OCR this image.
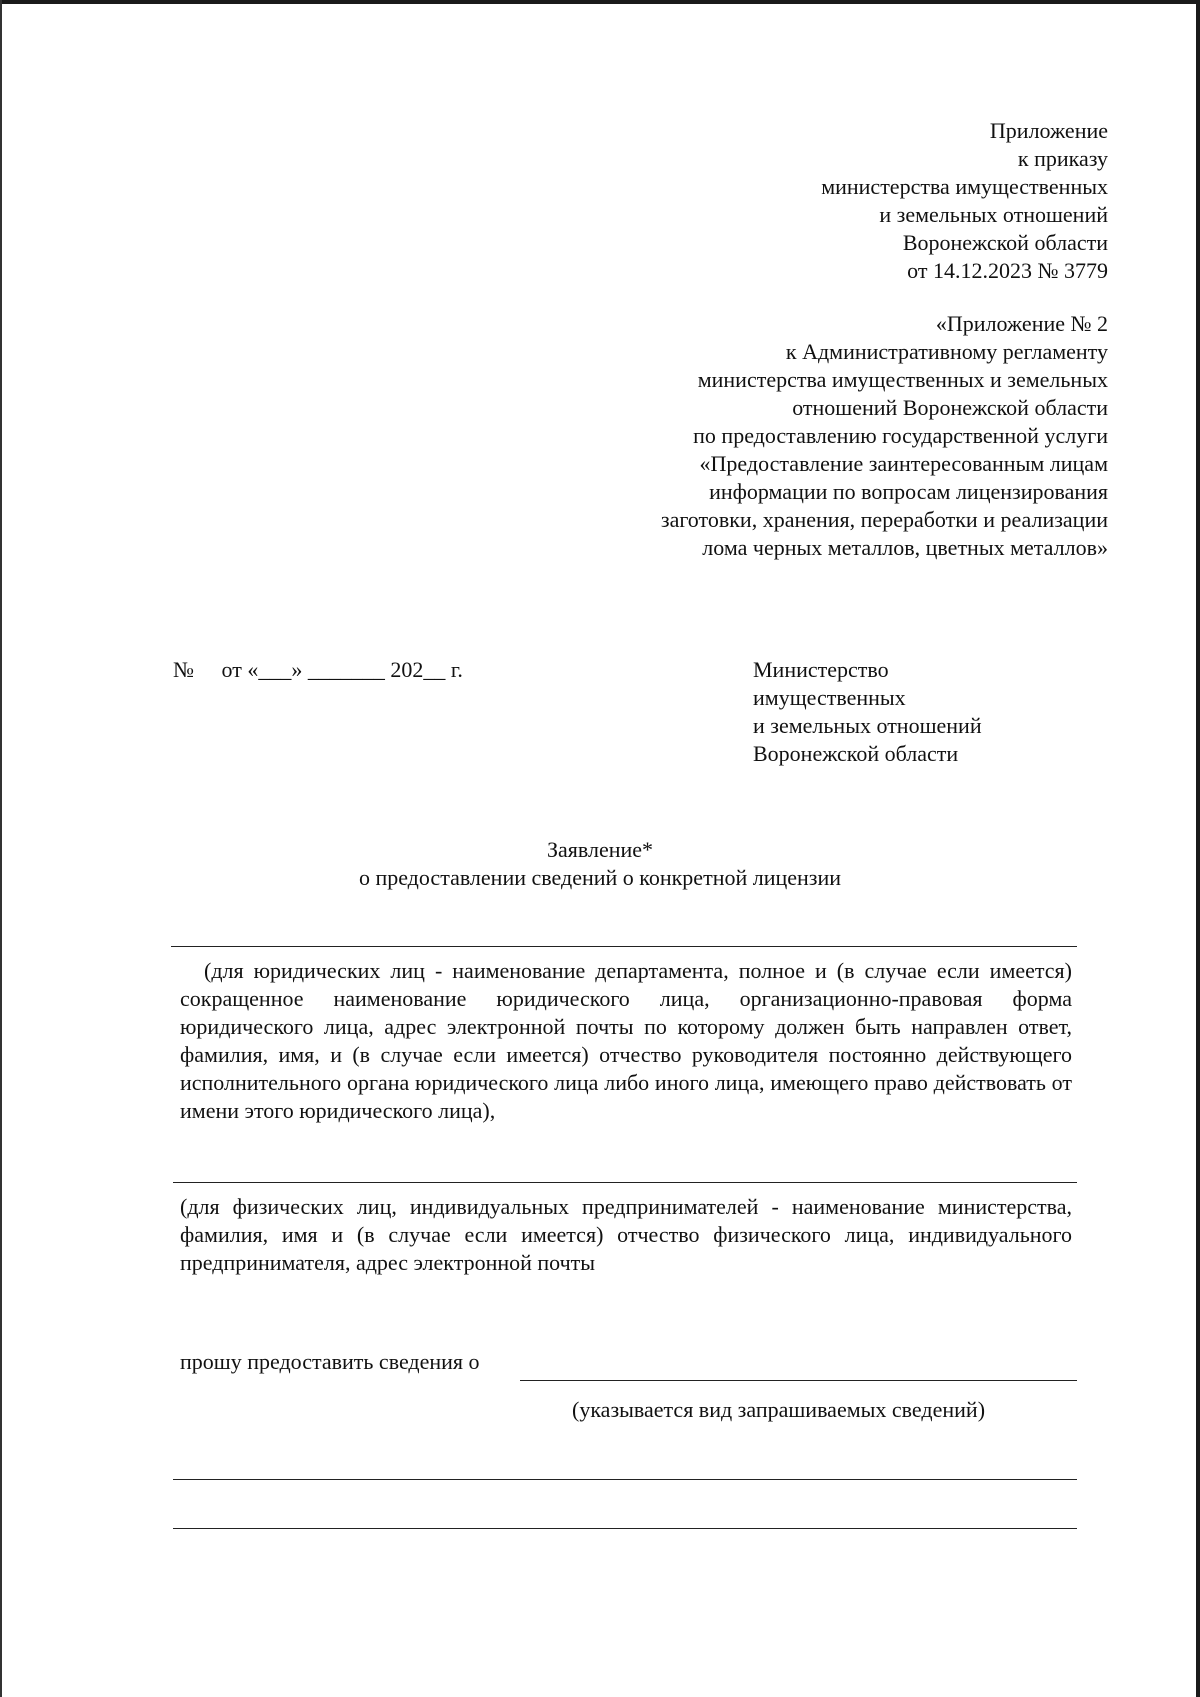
Приложение
к приказу
министерства имущественных
и земельных отношений
Воронежской области
от 14.12.2023 № 3779
«Приложение № 2
к Административному регламенту
министерства имущественных и земельных
отношений Воронежской области
по предоставлению государственной услуги
«Предоставление заинтересованным лицам
информации по вопросам лицензирования
заготовки, хранения, переработки и реализации
лома черных металлов, цветных металлов»
№     от «___» _______ 202__ г.	Министерство
имущественных
и земельных отношений
Воронежской области
Заявление*
о предоставлении сведений о конкретной лицензии
(для юридических лиц - наименование департамента, полное и (в случае если имеется) сокращенное наименование юридического лица, организационно-правовая форма юридического лица, адрес электронной почты по которому должен быть направлен ответ, фамилия, имя, и (в случае если имеется) отчество руководителя постоянно действующего исполнительного органа юридического лица либо иного лица, имеющего право действовать от имени этого юридического лица),
(для физических лиц, индивидуальных предпринимателей - наименование министерства, фамилия, имя и (в случае если имеется) отчество физического лица, индивидуального предпринимателя, адрес электронной почты
прошу предоставить сведения о
(указывается вид запрашиваемых сведений)
